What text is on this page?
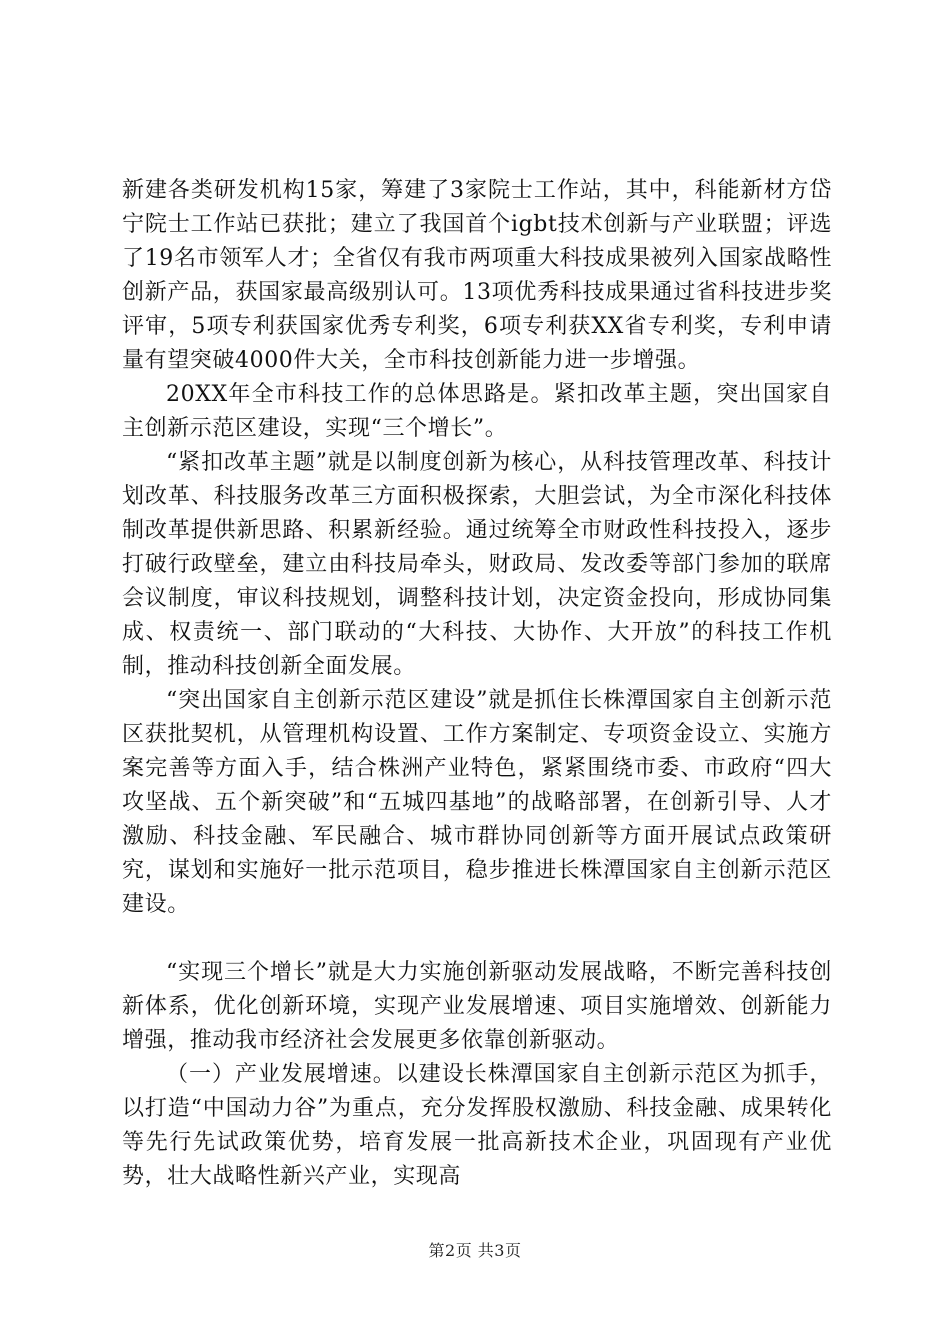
新建各类研发机构15家，筹建了3家院士工作站，其中，科能新材方岱宁院士工作站已获批；建立了我国首个igbt技术创新与产业联盟；评选了19名市领军人才；全省仅有我市两项重大科技成果被列入国家战略性创新产品，获国家最高级别认可。13项优秀科技成果通过省科技进步奖评审，5项专利获国家优秀专利奖，6项专利获XX省专利奖，专利申请量有望突破4000件大关，全市科技创新能力进一步增强。

20XX年全市科技工作的总体思路是。紧扣改革主题，突出国家自主创新示范区建设，实现“三个增长”。

“紧扣改革主题”就是以制度创新为核心，从科技管理改革、科技计划改革、科技服务改革三方面积极探索，大胆尝试，为全市深化科技体制改革提供新思路、积累新经验。通过统筹全市财政性科技投入，逐步打破行政壁垒，建立由科技局牵头，财政局、发改委等部门参加的联席会议制度，审议科技规划，调整科技计划，决定资金投向，形成协同集成、权责统一、部门联动的“大科技、大协作、大开放”的科技工作机制，推动科技创新全面发展。

“突出国家自主创新示范区建设”就是抓住长株潭国家自主创新示范区获批契机，从管理机构设置、工作方案制定、专项资金设立、实施方案完善等方面入手，结合株洲产业特色，紧紧围绕市委、市政府“四大攻坚战、五个新突破”和“五城四基地”的战略部署，在创新引导、人才激励、科技金融、军民融合、城市群协同创新等方面开展试点政策研究，谋划和实施好一批示范项目，稳步推进长株潭国家自主创新示范区建设。

“实现三个增长”就是大力实施创新驱动发展战略，不断完善科技创新体系，优化创新环境，实现产业发展增速、项目实施增效、创新能力增强，推动我市经济社会发展更多依靠创新驱动。

（一）产业发展增速。以建设长株潭国家自主创新示范区为抓手，以打造“中国动力谷”为重点，充分发挥股权激励、科技金融、成果转化等先行先试政策优势，培育发展一批高新技术企业，巩固现有产业优势，壮大战略性新兴产业，实现高

第2页 共3页
